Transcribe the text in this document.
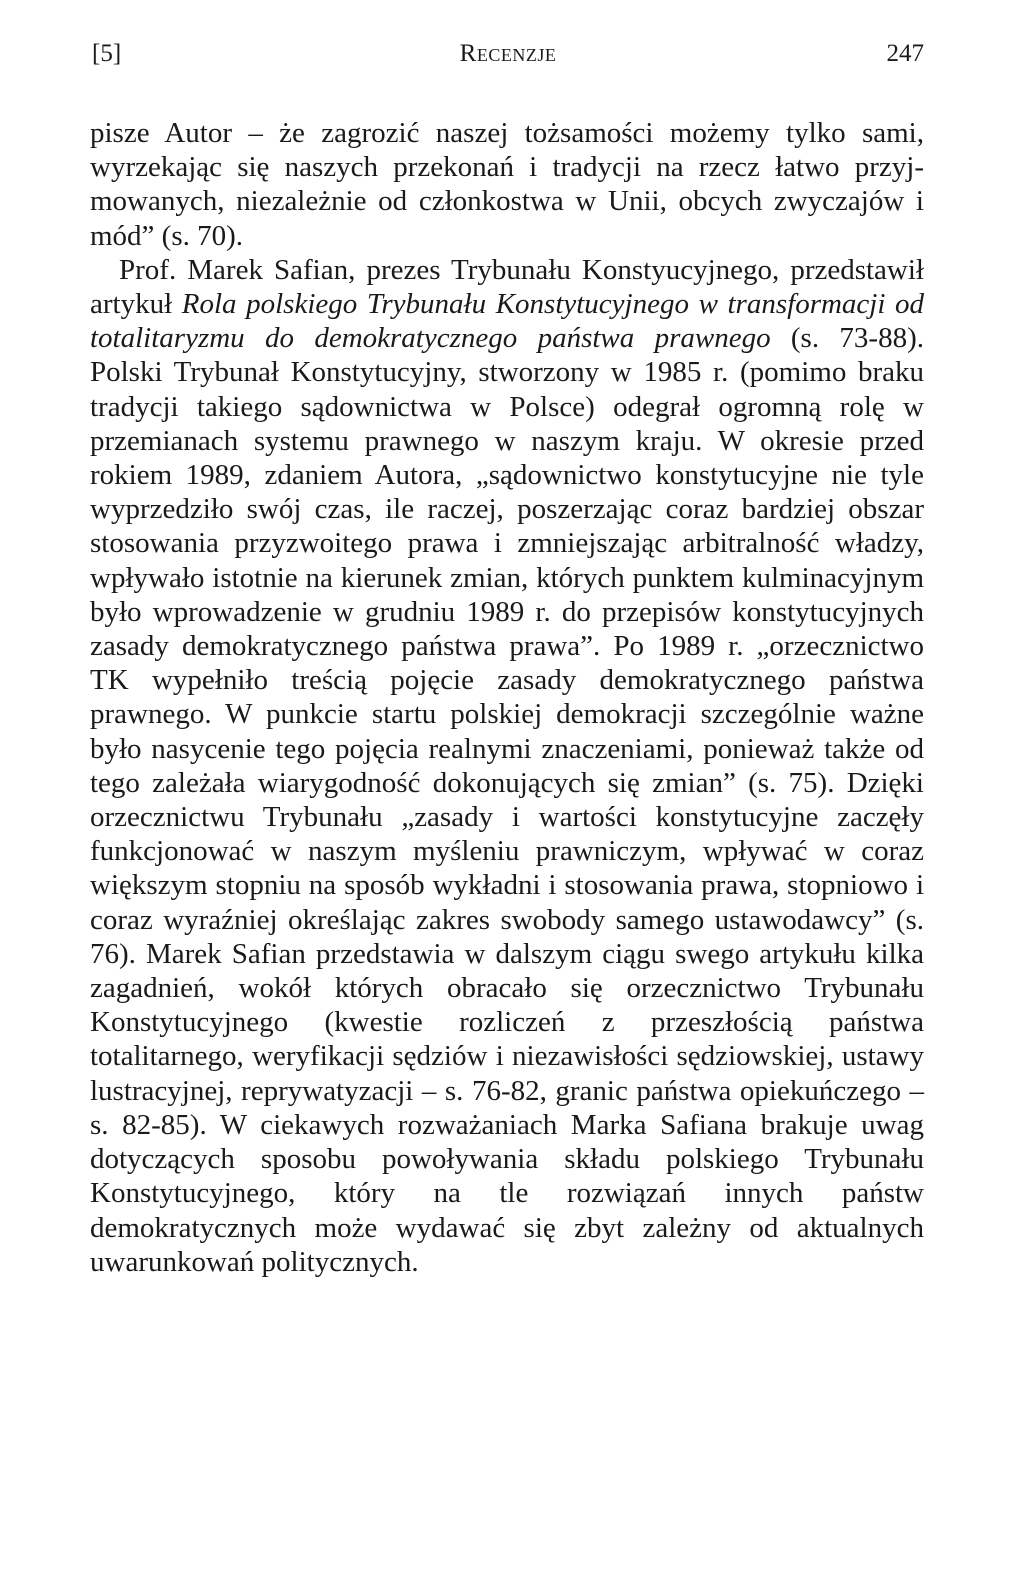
[5]	Recenzje	247

pisze Autor – że zagrozić naszej tożsamości możemy tylko sami, wyrzekając się naszych przekonań i tradycji na rzecz łatwo przyjmowanych, niezależnie od członkostwa w Unii, obcych zwyczajów i mód” (s. 70).

Prof. Marek Safian, prezes Trybunału Konstyucyjnego, przedstawił artykuł Rola polskiego Trybunału Konstytucyjnego w transformacji od totalitaryzmu do demokratycznego państwa prawnego (s. 73-88). Polski Trybunał Konstytucyjny, stworzony w 1985 r. (pomimo braku tradycji takiego sądownictwa w Polsce) odegrał ogromną rolę w przemianach systemu prawnego w naszym kraju. W okresie przed rokiem 1989, zdaniem Autora, „sądownictwo konstytucyjne nie tyle wyprzedziło swój czas, ile raczej, poszerzając coraz bardziej obszar stosowania przyzwoitego prawa i zmniejszając arbitralność władzy, wpływało istotnie na kierunek zmian, których punktem kulminacyjnym było wprowadzenie w grudniu 1989 r. do przepisów konstytucyjnych zasady demokratycznego państwa prawa”. Po 1989 r. „orzecznictwo TK wypełniło treścią pojęcie zasady demokratycznego państwa prawnego. W punkcie startu polskiej demokracji szczególnie ważne było nasycenie tego pojęcia realnymi znaczeniami, ponieważ także od tego zależała wiarygodność dokonujących się zmian” (s. 75). Dzięki orzecznictwu Trybunału „zasady i wartości konstytucyjne zaczęły funkcjonować w naszym myśleniu prawniczym, wpływać w coraz większym stopniu na sposób wykładni i stosowania prawa, stopniowo i coraz wyraźniej określając zakres swobody samego ustawodawcy” (s. 76). Marek Safian przedstawia w dalszym ciągu swego artykułu kilka zagadnień, wokół których obracało się orzecznictwo Trybunału Konstytucyjnego (kwestie rozliczeń z przeszłością państwa totalitarnego, weryfikacji sędziów i niezawisłości sędziowskiej, ustawy lustracyjnej, reprywatyzacji – s. 76-82, granic państwa opiekuńczego – s. 82-85). W ciekawych rozważaniach Marka Safiana brakuje uwag dotyczących sposobu powoływania składu polskiego Trybunału Konstytucyjnego, który na tle rozwiązań innych państw demokratycznych może wydawać się zbyt zależny od aktualnych uwarunkowań politycznych.
